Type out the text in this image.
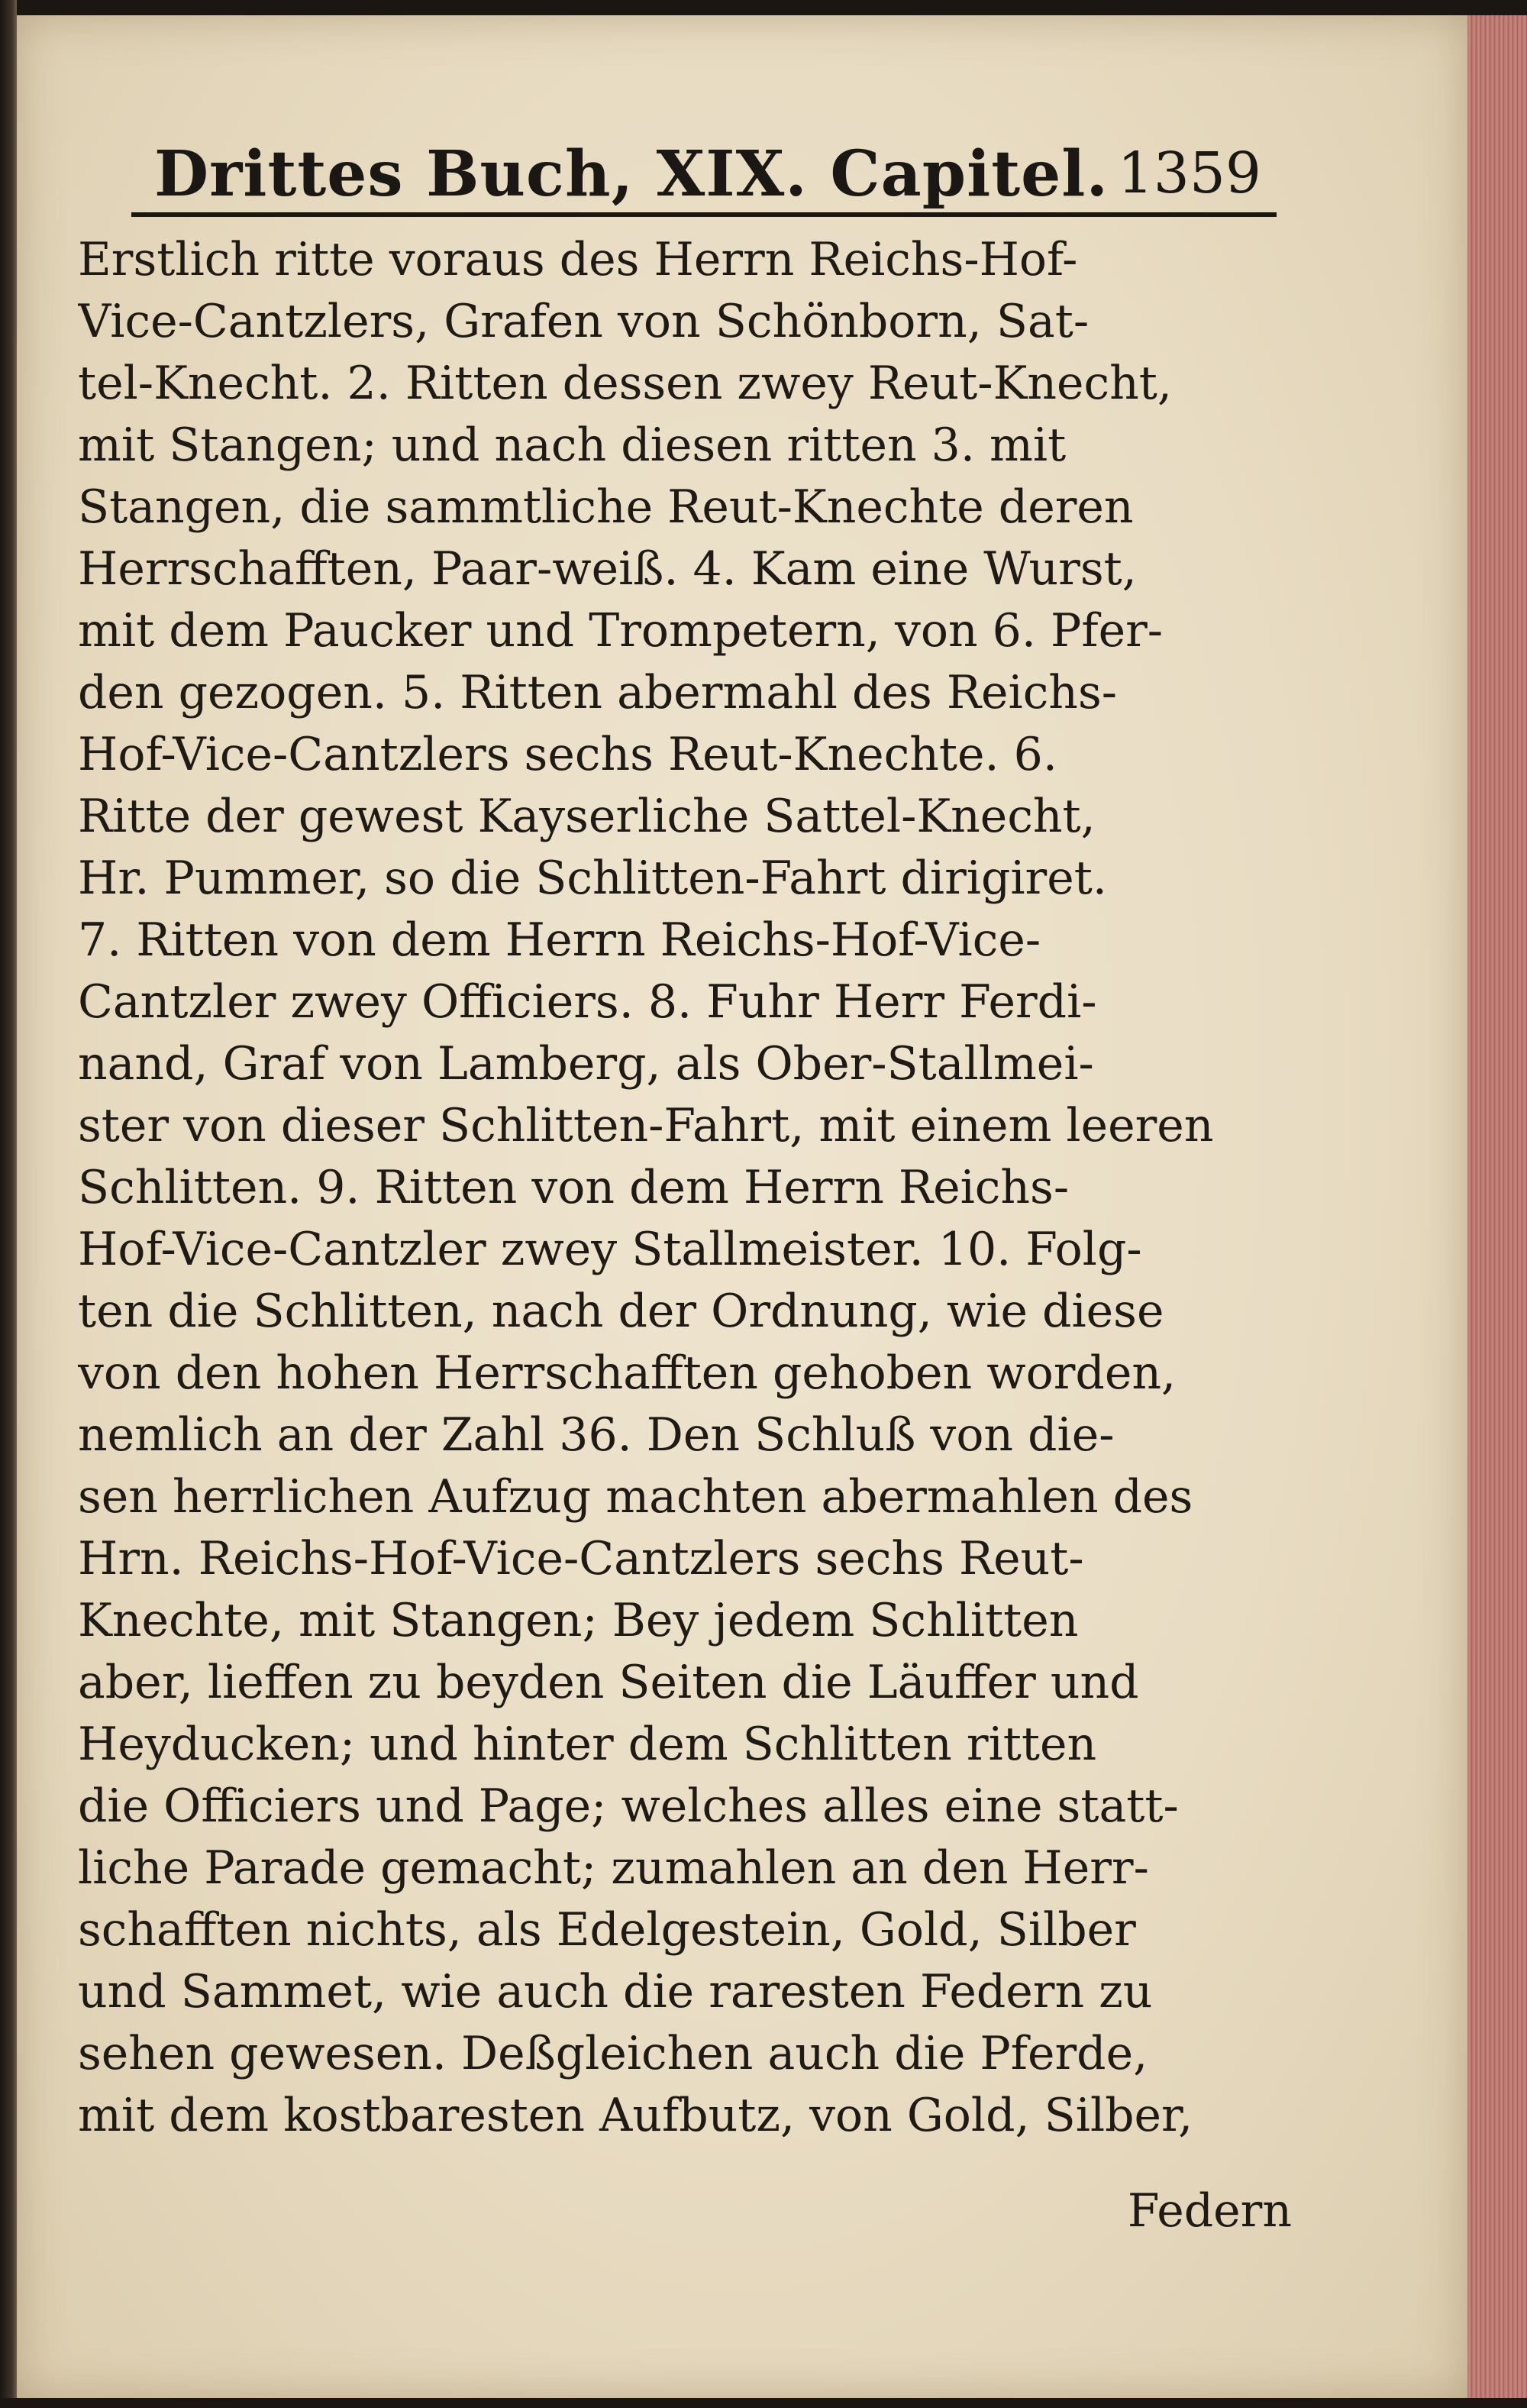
Drittes Buch, XIX. Capitel. 1359
Erstlich ritte voraus des Herrn Reichs-Hof-
Vice-Cantzlers, Grafen von Schönborn, Sat-
tel-Knecht. 2. Ritten dessen zwey Reut-Knecht,
mit Stangen; und nach diesen ritten 3. mit
Stangen, die sammtliche Reut-Knechte deren
Herrschafften, Paar-weiß. 4. Kam eine Wurst,
mit dem Paucker und Trompetern, von 6. Pfer-
den gezogen. 5. Ritten abermahl des Reichs-
Hof-Vice-Cantzlers sechs Reut-Knechte. 6.
Ritte der gewest Kayserliche Sattel-Knecht,
Hr. Pummer, so die Schlitten-Fahrt dirigiret.
7. Ritten von dem Herrn Reichs-Hof-Vice-
Cantzler zwey Officiers. 8. Fuhr Herr Ferdi-
nand, Graf von Lamberg, als Ober-Stallmei-
ster von dieser Schlitten-Fahrt, mit einem leeren
Schlitten. 9. Ritten von dem Herrn Reichs-
Hof-Vice-Cantzler zwey Stallmeister. 10. Folg-
ten die Schlitten, nach der Ordnung, wie diese
von den hohen Herrschafften gehoben worden,
nemlich an der Zahl 36. Den Schluß von die-
sen herrlichen Aufzug machten abermahlen des
Hrn. Reichs-Hof-Vice-Cantzlers sechs Reut-
Knechte, mit Stangen; Bey jedem Schlitten
aber, lieffen zu beyden Seiten die Läuffer und
Heyducken; und hinter dem Schlitten ritten
die Officiers und Page; welches alles eine statt-
liche Parade gemacht; zumahlen an den Herr-
schafften nichts, als Edelgestein, Gold, Silber
und Sammet, wie auch die raresten Federn zu
sehen gewesen. Deßgleichen auch die Pferde,
mit dem kostbaresten Aufbutz, von Gold, Silber,
Federn
